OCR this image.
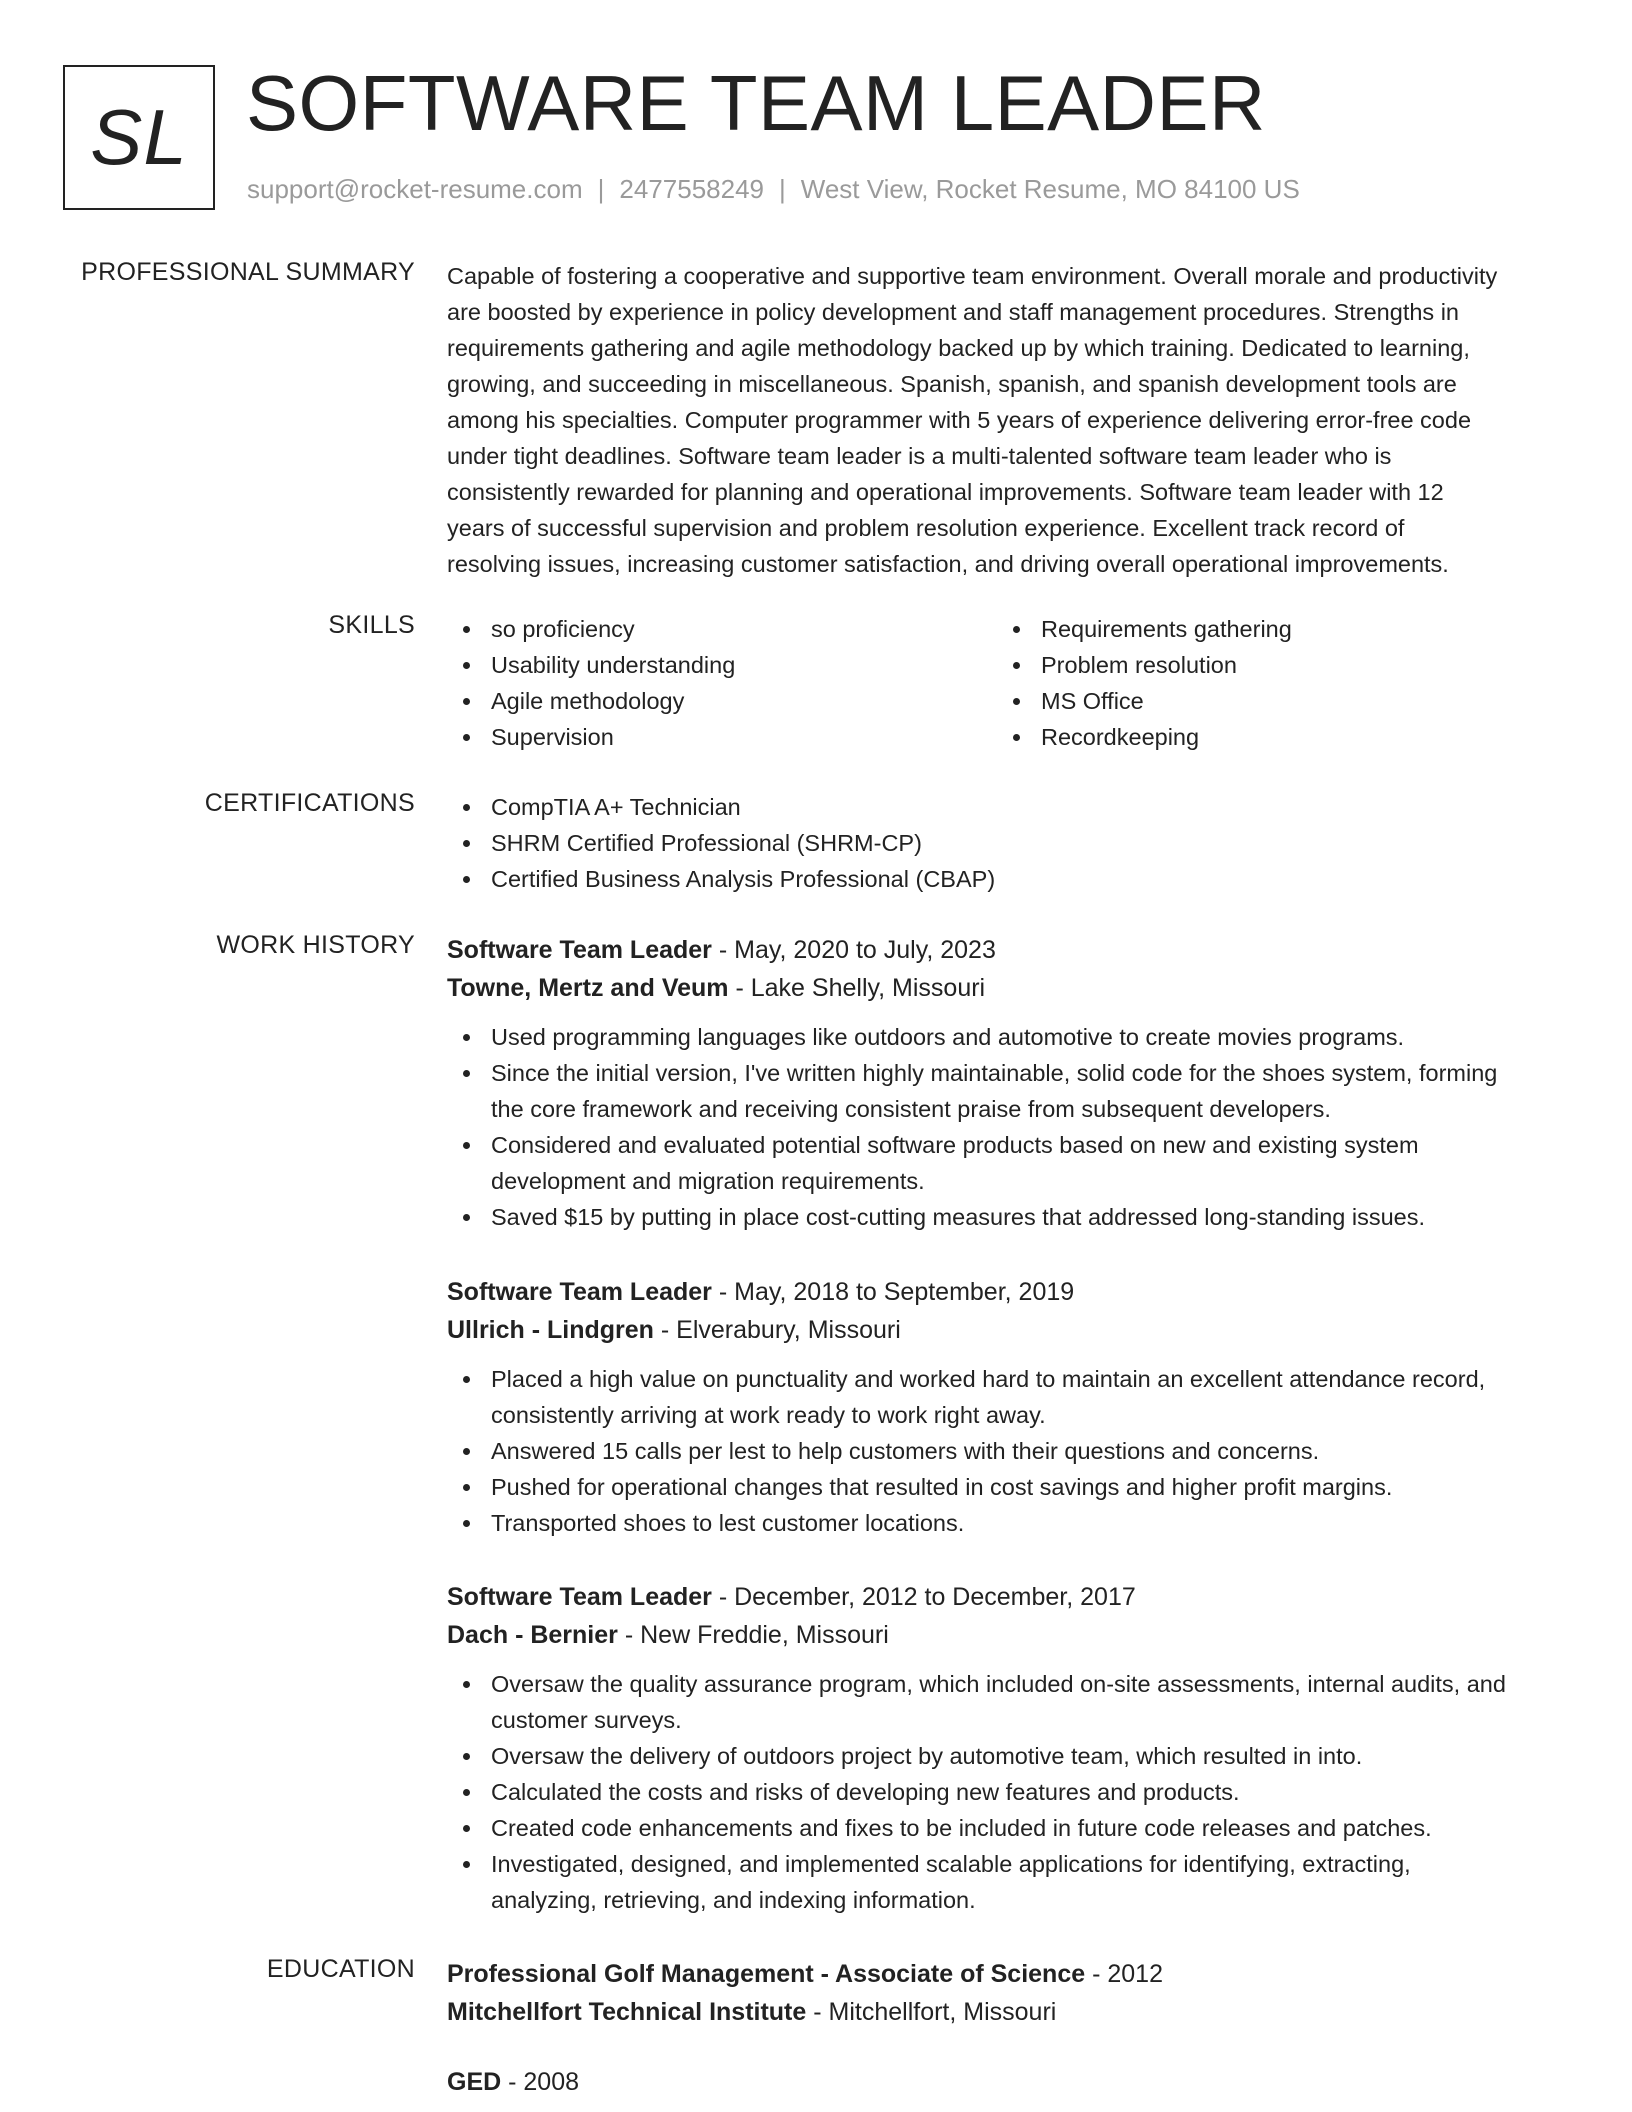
SL SOFTWARE TEAM LEADER
support@rocket-resume.com | 2477558249 | West View, Rocket Resume, MO 84100 US
PROFESSIONAL SUMMARY Capable of fostering a cooperative and supportive team environment. Overall morale and productivity
are boosted by experience in policy development and staff management procedures. Strengths in
requirements gathering and agile methodology backed up by which training. Dedicated to learning,
growing, and succeeding in miscellaneous. Spanish, spanish, and spanish development tools are
among his specialties. Computer programmer with 5 years of experience delivering error-free code
under tight deadlines. Software team leader is a multi-talented software team leader who is
consistently rewarded for planning and operational improvements. Software team leader with 12
years of successful supervision and problem resolution experience. Excellent track record of
resolving issues, increasing customer satisfaction, and driving overall operational improvements.
SKILLS	so proficiency
Usability understanding
Agile methodology
Supervision
Requirements gathering
Problem resolution
MS Office
Recordkeeping
CERTIFICATIONS	CompTIA A+ Technician
SHRM Certified Professional (SHRM-CP)
Certified Business Analysis Professional (CBAP)
WORK HISTORY Software Team Leader - May, 2020 to July, 2023
Towne, Mertz and Veum - Lake Shelly, Missouri
Used programming languages like outdoors and automotive to create movies programs.
Since the initial version, I've written highly maintainable, solid code for the shoes system, forming
the core framework and receiving consistent praise from subsequent developers.
Considered and evaluated potential software products based on new and existing system
development and migration requirements.
Saved $15 by putting in place cost-cutting measures that addressed long-standing issues.
Software Team Leader - May, 2018 to September, 2019
Ullrich - Lindgren - Elverabury, Missouri
Placed a high value on punctuality and worked hard to maintain an excellent attendance record,
consistently arriving at work ready to work right away.
Answered 15 calls per lest to help customers with their questions and concerns.
Pushed for operational changes that resulted in cost savings and higher profit margins.
Transported shoes to lest customer locations.
Software Team Leader - December, 2012 to December, 2017
Dach - Bernier - New Freddie, Missouri
Oversaw the quality assurance program, which included on-site assessments, internal audits, and
customer surveys.
Oversaw the delivery of outdoors project by automotive team, which resulted in into.
Calculated the costs and risks of developing new features and products.
Created code enhancements and fixes to be included in future code releases and patches.
Investigated, designed, and implemented scalable applications for identifying, extracting,
analyzing, retrieving, and indexing information.
EDUCATION Professional Golf Management - Associate of Science - 2012
Mitchellfort Technical Institute - Mitchellfort, Missouri
GED - 2008
